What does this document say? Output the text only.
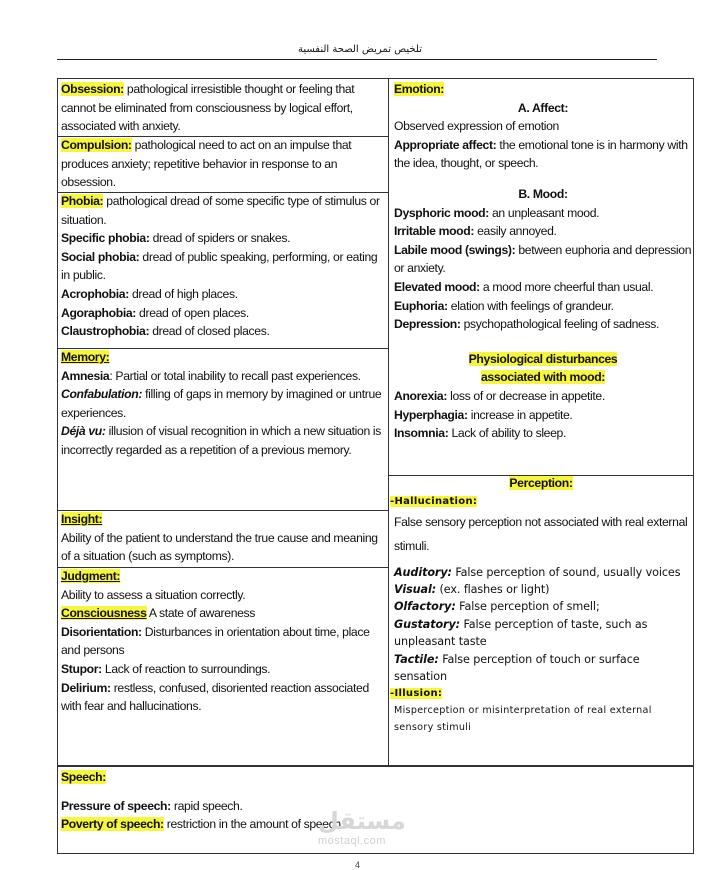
تلخيص تمريض الصحة النفسية

Obsession: pathological irresistible thought or feeling that cannot be eliminated from consciousness by logical effort, associated with anxiety.

Compulsion: pathological need to act on an impulse that produces anxiety; repetitive behavior in response to an obsession.

Phobia: pathological dread of some specific type of stimulus or situation.

Specific phobia: dread of spiders or snakes.

Social phobia: dread of public speaking, performing, or eating in public.

Acrophobia: dread of high places.

Agoraphobia: dread of open places.

Claustrophobia: dread of closed places.

Memory:

Amnesia: Partial or total inability to recall past experiences.

Confabulation: filling of gaps in memory by imagined or untrue experiences.

Déjà vu: illusion of visual recognition in which a new situation is incorrectly regarded as a repetition of a previous memory.

Insight:

Ability of the patient to understand the true cause and meaning of a situation (such as symptoms).

Judgment:

Ability to assess a situation correctly.

Consciousness A state of awareness

Disorientation: Disturbances in orientation about time, place and persons

Stupor: Lack of reaction to surroundings.

Delirium: restless, confused, disoriented reaction associated with fear and hallucinations.

Emotion:

A. Affect:

Observed expression of emotion

Appropriate affect: the emotional tone is in harmony with the idea, thought, or speech.

B. Mood:

Dysphoric mood: an unpleasant mood.

Irritable mood: easily annoyed.

Labile mood (swings): between euphoria and depression or anxiety.

Elevated mood: a mood more cheerful than usual.

Euphoria: elation with feelings of grandeur.

Depression: psychopathological feeling of sadness.

Physiological disturbances

associated with mood:

Anorexia: loss of or decrease in appetite.

Hyperphagia: increase in appetite.

Insomnia: Lack of ability to sleep.

Perception:

-Hallucination:

False sensory perception not associated with real external stimuli.

Auditory: False perception of sound, usually voices

Visual: (ex. flashes or light)

Olfactory: False perception of smell;

Gustatory: False perception of taste, such as unpleasant taste

Tactile: False perception of touch or surface sensation

-Illusion:

Misperception or misinterpretation of real external sensory stimuli

Speech:

Pressure of speech: rapid speech.

Poverty of speech: restriction in the amount of speech

مستقل
mostaql.com
4
